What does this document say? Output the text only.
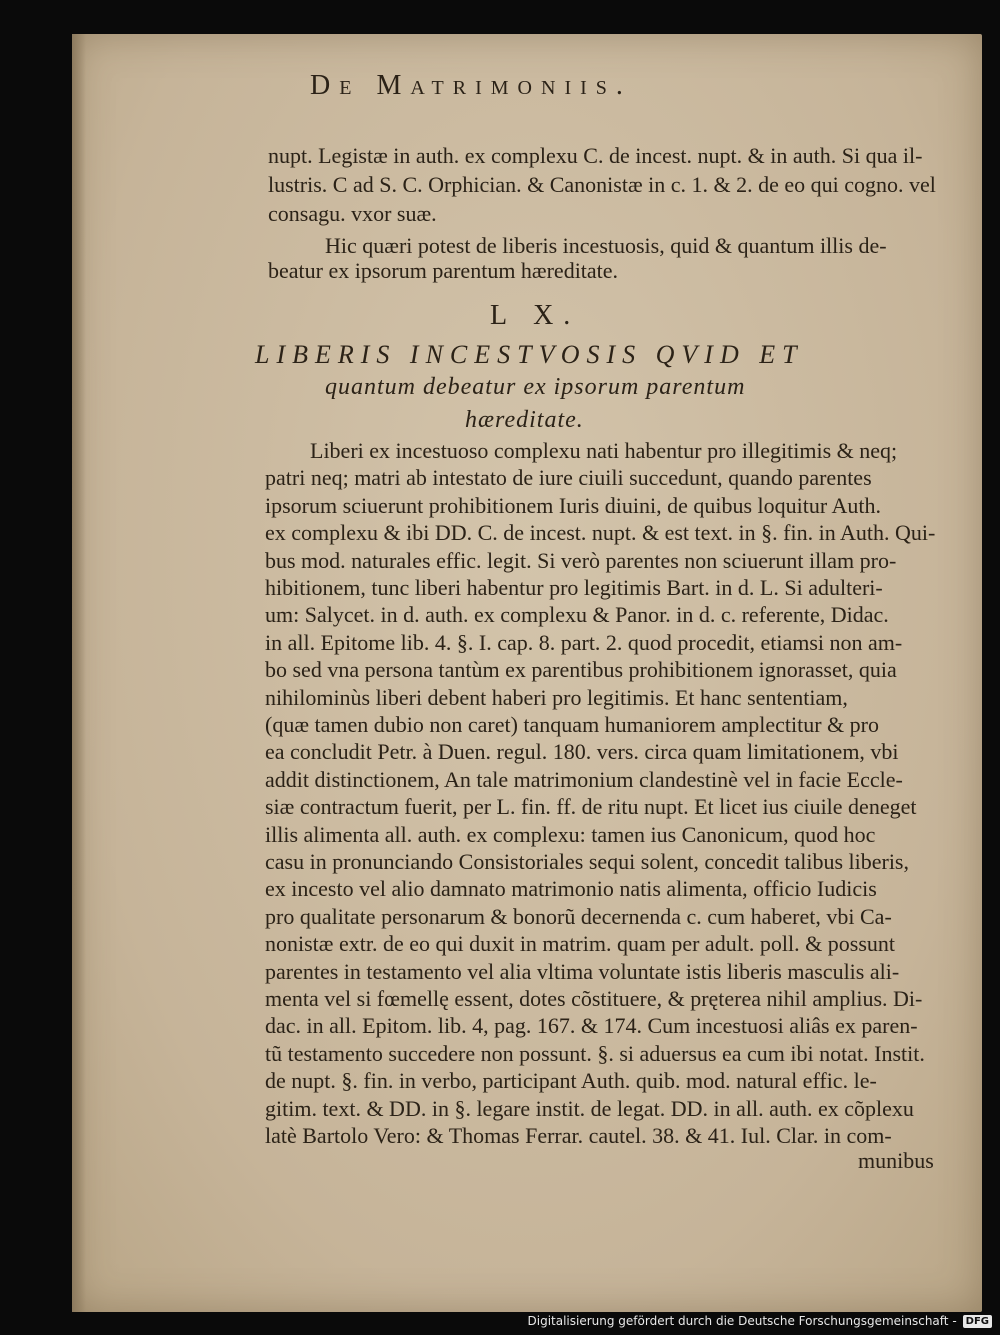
De Matrimoniis.
nupt. Legistæ in auth. ex complexu C. de incest. nupt. & in auth. Si qua il-
lustris. C ad S. C. Orphician. & Canonistæ in c. 1. & 2. de eo qui cogno. vel
consagu. vxor suæ.
Hic quæri potest de liberis incestuosis, quid & quantum illis de-
beatur ex ipsorum parentum hæreditate.
L X.
LIBERIS INCESTVOSIS QVID ET
quantum debeatur ex ipsorum parentum
hæreditate.
Liberi ex incestuoso complexu nati habentur pro illegitimis & neq;
patri neq; matri ab intestato de iure ciuili succedunt, quando parentes
ipsorum sciuerunt prohibitionem Iuris diuini, de quibus loquitur Auth.
ex complexu & ibi DD. C. de incest. nupt. & est text. in §. fin. in Auth. Qui-
bus mod. naturales effic. legit. Si verò parentes non sciuerunt illam pro-
hibitionem, tunc liberi habentur pro legitimis Bart. in d. L. Si adulteri-
um: Salycet. in d. auth. ex complexu & Panor. in d. c. referente, Didac.
in all. Epitome lib. 4. §. I. cap. 8. part. 2. quod procedit, etiamsi non am-
bo sed vna persona tantùm ex parentibus prohibitionem ignorasset, quia
nihilominùs liberi debent haberi pro legitimis. Et hanc sententiam,
(quæ tamen dubio non caret) tanquam humaniorem amplectitur & pro
ea concludit Petr. à Duen. regul. 180. vers. circa quam limitationem, vbi
addit distinctionem, An tale matrimonium clandestinè vel in facie Eccle-
siæ contractum fuerit, per L. fin. ff. de ritu nupt. Et licet ius ciuile deneget
illis alimenta all. auth. ex complexu: tamen ius Canonicum, quod hoc
casu in pronunciando Consistoriales sequi solent, concedit talibus liberis,
ex incesto vel alio damnato matrimonio natis alimenta, officio Iudicis
pro qualitate personarum & bonorũ decernenda c. cum haberet, vbi Ca-
nonistæ extr. de eo qui duxit in matrim. quam per adult. poll. & possunt
parentes in testamento vel alia vltima voluntate istis liberis masculis ali-
menta vel si fœmellę essent, dotes cõstituere, & prętereа nihil amplius. Di-
dac. in all. Epitom. lib. 4, pag. 167. & 174. Cum incestuosi aliâs ex paren-
tũ testamento succedere non possunt. §. si aduersus ea cum ibi notat. Instit.
de nupt. §. fin. in verbo, participant Auth. quib. mod. natural effic. le-
gitim. text. & DD. in §. legare instit. de legat. DD. in all. auth. ex cõplexu
latè Bartolo Vero: & Thomas Ferrar. cautel. 38. & 41. Iul. Clar. in com-
munibus
Digitalisierung gefördert durch die Deutsche Forschungsgemeinschaft - DFG
